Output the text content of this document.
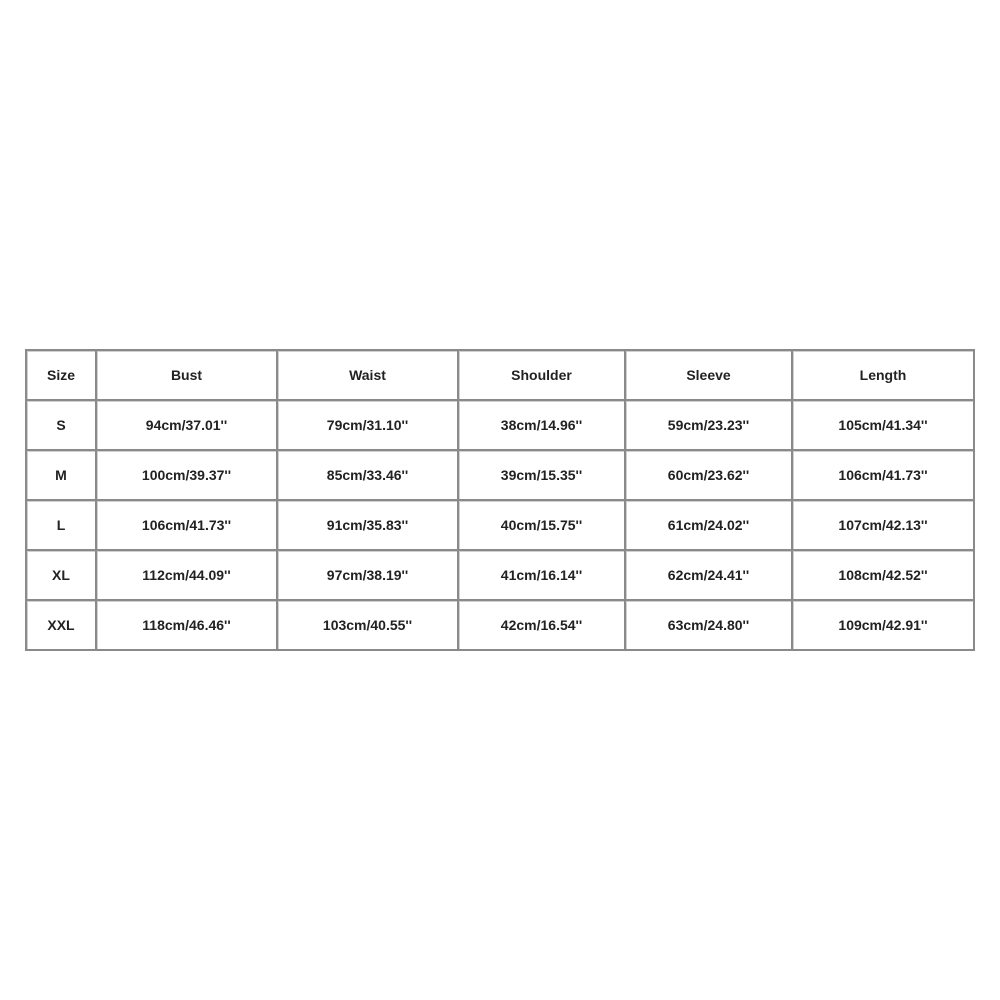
Size	Bust	Waist	Shoulder	Sleeve	Length
S	94cm/37.01''	79cm/31.10''	38cm/14.96''	59cm/23.23''	105cm/41.34''
M	100cm/39.37''	85cm/33.46''	39cm/15.35''	60cm/23.62''	106cm/41.73''
L	106cm/41.73''	91cm/35.83''	40cm/15.75''	61cm/24.02''	107cm/42.13''
XL	112cm/44.09''	97cm/38.19''	41cm/16.14''	62cm/24.41''	108cm/42.52''
XXL	118cm/46.46''	103cm/40.55''	42cm/16.54''	63cm/24.80''	109cm/42.91''
